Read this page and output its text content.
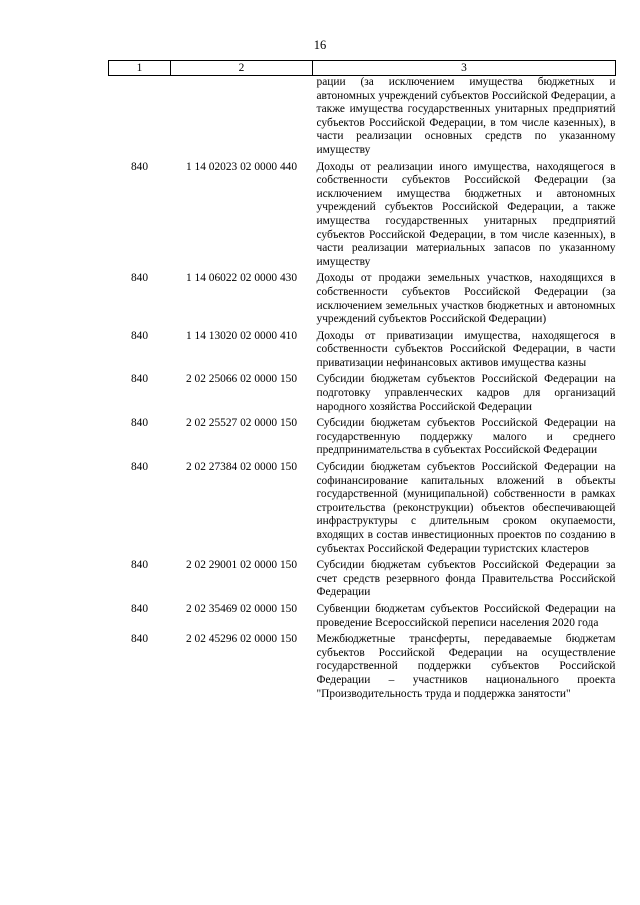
16
1	2	3
		рации (за исключением имущества бюджетных и автономных учреждений субъектов Российской Федерации, а также имущества государственных унитарных предприятий субъектов Российской Федерации, в том числе казенных), в части реализации основных средств по указанному имуществу
840	1 14 02023 02 0000 440	Доходы от реализации иного имущества, находящегося в собственности субъектов Российской Федерации (за исключением имущества бюджетных и автономных учреждений субъектов Российской Федерации, а также имущества государственных унитарных предприятий субъектов Российской Федерации, в том числе казенных), в части реализации материальных запасов по указанному имуществу
840	1 14 06022 02 0000 430	Доходы от продажи земельных участков, находящихся в собственности субъектов Российской Федерации (за исключением земельных участков бюджетных и автономных учреждений субъектов Российской Федерации)
840	1 14 13020 02 0000 410	Доходы от приватизации имущества, находящегося в собственности субъектов Российской Федерации, в части приватизации нефинансовых активов имущества казны
840	2 02 25066 02 0000 150	Субсидии бюджетам субъектов Российской Федерации на подготовку управленческих кадров для организаций народного хозяйства Российской Федерации
840	2 02 25527 02 0000 150	Субсидии бюджетам субъектов Российской Федерации на государственную поддержку малого и среднего предпринимательства в субъектах Российской Федерации
840	2 02 27384 02 0000 150	Субсидии бюджетам субъектов Российской Федерации на софинансирование капитальных вложений в объекты государственной (муниципальной) собственности в рамках строительства (реконструкции) объектов обеспечивающей инфраструктуры с длительным сроком окупаемости, входящих в состав инвестиционных проектов по созданию в субъектах Российской Федерации туристских кластеров
840	2 02 29001 02 0000 150	Субсидии бюджетам субъектов Российской Федерации за счет средств резервного фонда Правительства Российской Федерации
840	2 02 35469 02 0000 150	Субвенции бюджетам субъектов Российской Федерации на проведение Всероссийской переписи населения 2020 года
840	2 02 45296 02 0000 150	Межбюджетные трансферты, передаваемые бюджетам субъектов Российской Федерации на осуществление государственной поддержки субъектов Российской Федерации – участников национального проекта "Производительность труда и поддержка занятости"
